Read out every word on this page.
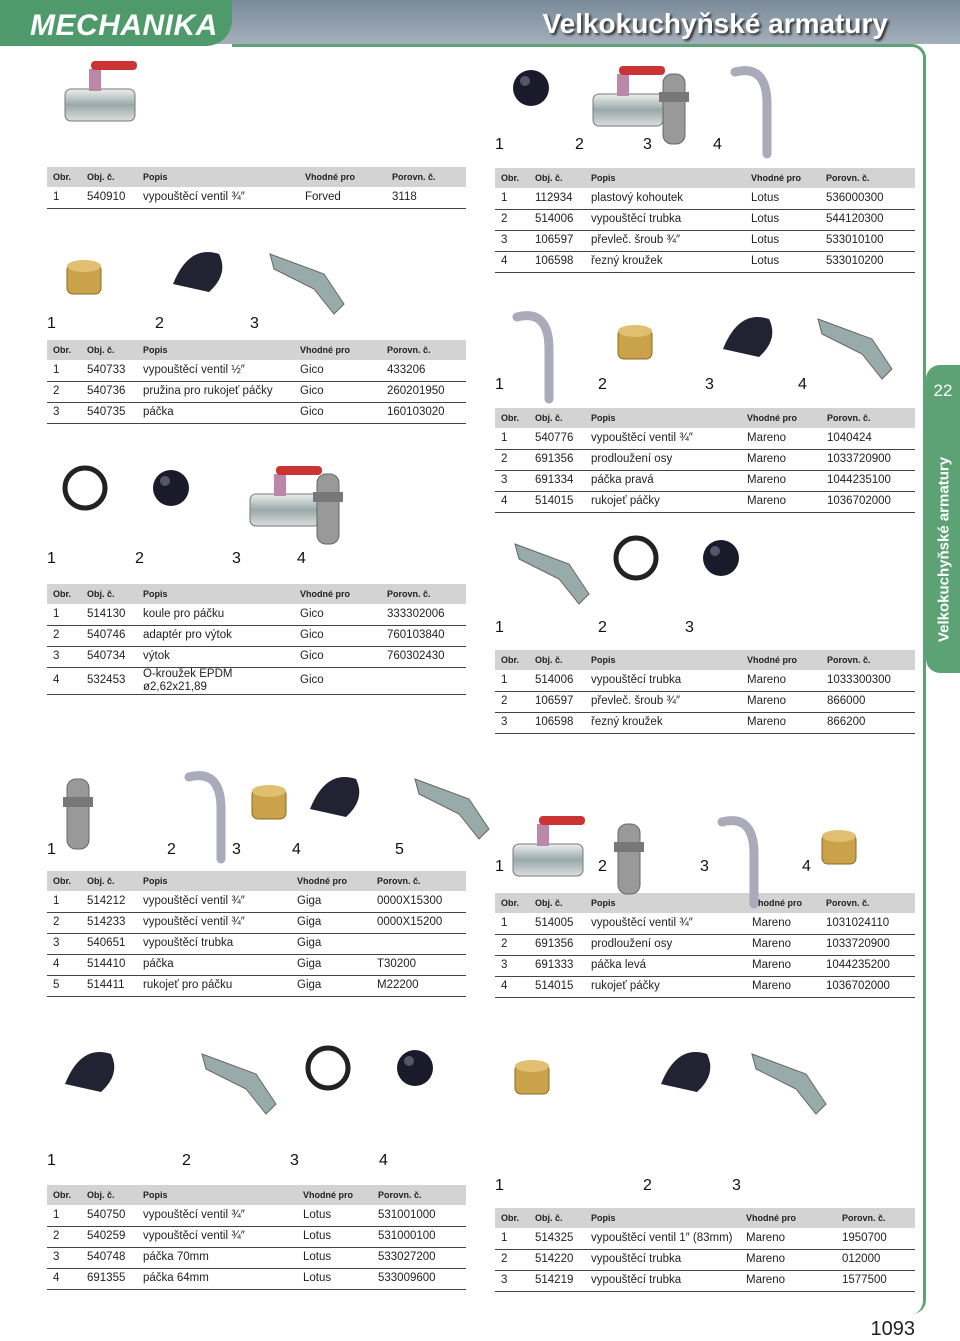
MECHANIKA	Velkokuchyňské armatury
22
Velkokuchyňské armatury
1093
Obr.	Obj. č.	Popis	Vhodné pro	Porovn. č.
1	540910	vypouštěcí ventil ¾″	Forved	3118
1	2	3
Obr.	Obj. č.	Popis	Vhodné pro	Porovn. č.
1	540733	vypouštěcí ventil ½″	Gico	433206
2	540736	pružina pro rukojeť páčky	Gico	260201950
3	540735	páčka	Gico	160103020
1	2	3	4
Obr.	Obj. č.	Popis	Vhodné pro	Porovn. č.
1	514130	koule pro páčku	Gico	333302006
2	540746	adaptér pro výtok	Gico	760103840
3	540734	výtok	Gico	760302430
4	532453	O-kroužek EPDM ø2,62x21,89	Gico	
1	2	3	4	5
Obr.	Obj. č.	Popis	Vhodné pro	Porovn. č.
1	514212	vypouštěcí ventil ¾″	Giga	0000X15300
2	514233	vypouštěcí ventil ¾″	Giga	0000X15200
3	540651	vypouštěcí trubka	Giga	
4	514410	páčka	Giga	T30200
5	514411	rukojeť pro páčku	Giga	M22200
1	2	3	4
Obr.	Obj. č.	Popis	Vhodné pro	Porovn. č.
1	540750	vypouštěcí ventil ¾″	Lotus	531001000
2	540259	vypouštěcí ventil ¾″	Lotus	531000100
3	540748	páčka 70mm	Lotus	533027200
4	691355	páčka 64mm	Lotus	533009600
1	2	3	4
Obr.	Obj. č.	Popis	Vhodné pro	Porovn. č.
1	112934	plastový kohoutek	Lotus	536000300
2	514006	vypouštěcí trubka	Lotus	544120300
3	106597	převleč. šroub ¾″	Lotus	533010100
4	106598	řezný kroužek	Lotus	533010200
1	2	3	4
Obr.	Obj. č.	Popis	Vhodné pro	Porovn. č.
1	540776	vypouštěcí ventil ¾″	Mareno	1040424
2	691356	prodloužení osy	Mareno	1033720900
3	691334	páčka pravá	Mareno	1044235100
4	514015	rukojeť páčky	Mareno	1036702000
1	2	3
Obr.	Obj. č.	Popis	Vhodné pro	Porovn. č.
1	514006	vypouštěcí trubka	Mareno	1033300300
2	106597	převleč. šroub ¾″	Mareno	866000
3	106598	řezný kroužek	Mareno	866200
1	2	3	4
Obr.	Obj. č.	Popis	Vhodné pro	Porovn. č.
1	514005	vypouštěcí ventil ¾″	Mareno	1031024110
2	691356	prodloužení osy	Mareno	1033720900
3	691333	páčka levá	Mareno	1044235200
4	514015	rukojeť páčky	Mareno	1036702000
1	2	3
Obr.	Obj. č.	Popis	Vhodné pro	Porovn. č.
1	514325	vypouštěcí ventil 1″ (83mm)	Mareno	1950700
2	514220	vypouštěcí trubka	Mareno	012000
3	514219	vypouštěcí trubka	Mareno	1577500
